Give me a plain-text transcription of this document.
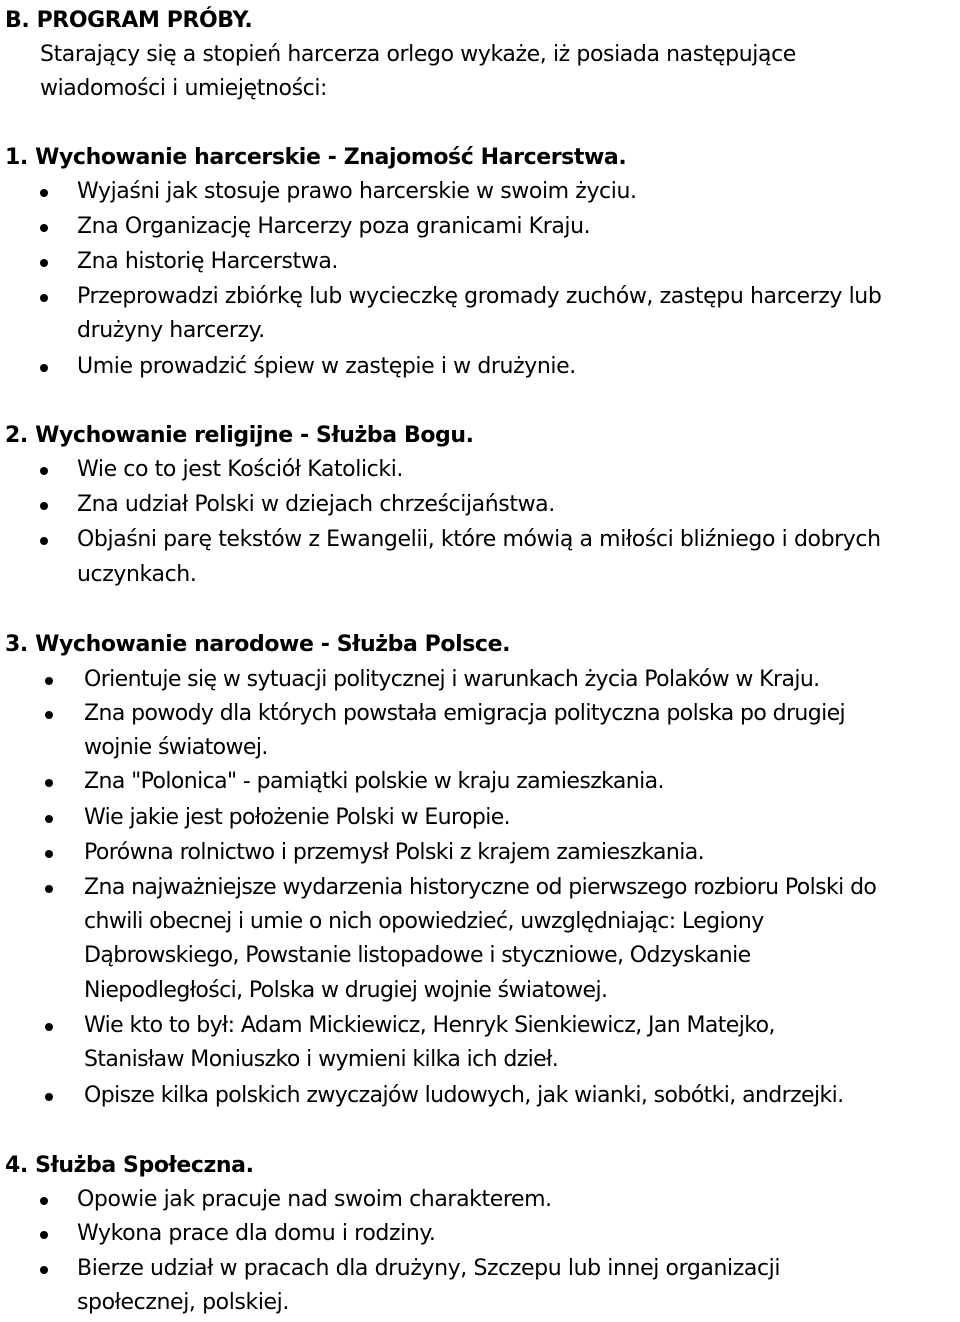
B. PROGRAM PRÓBY.
Starający się a stopień harcerza orlego wykaże, iż posiada następujące
wiadomości i umiejętności:
1. Wychowanie harcerskie - Znajomość Harcerstwa.
Wyjaśni jak stosuje prawo harcerskie w swoim życiu.
Zna Organizację Harcerzy poza granicami Kraju.
Zna historię Harcerstwa.
Przeprowadzi zbiórkę lub wycieczkę gromady zuchów, zastępu harcerzy lub
drużyny harcerzy.
Umie prowadzić śpiew w zastępie i w drużynie.
2. Wychowanie religijne - Służba Bogu.
Wie co to jest Kościół Katolicki.
Zna udział Polski w dziejach chrześcijaństwa.
Objaśni parę tekstów z Ewangelii, które mówią a miłości bliźniego i dobrych
uczynkach.
3. Wychowanie narodowe - Służba Polsce.
Orientuje się w sytuacji politycznej i warunkach życia Polaków w Kraju.
Zna powody dla których powstała emigracja polityczna polska po drugiej
wojnie światowej.
Zna "Polonica" - pamiątki polskie w kraju zamieszkania.
Wie jakie jest położenie Polski w Europie.
Porówna rolnictwo i przemysł Polski z krajem zamieszkania.
Zna najważniejsze wydarzenia historyczne od pierwszego rozbioru Polski do
chwili obecnej i umie o nich opowiedzieć, uwzględniając: Legiony
Dąbrowskiego, Powstanie listopadowe i styczniowe, Odzyskanie
Niepodległości, Polska w drugiej wojnie światowej.
Wie kto to był: Adam Mickiewicz, Henryk Sienkiewicz, Jan Matejko,
Stanisław Moniuszko i wymieni kilka ich dzieł.
Opisze kilka polskich zwyczajów ludowych, jak wianki, sobótki, andrzejki.
4. Służba Społeczna.
Opowie jak pracuje nad swoim charakterem.
Wykona prace dla domu i rodziny.
Bierze udział w pracach dla drużyny, Szczepu lub innej organizacji
społecznej, polskiej.
